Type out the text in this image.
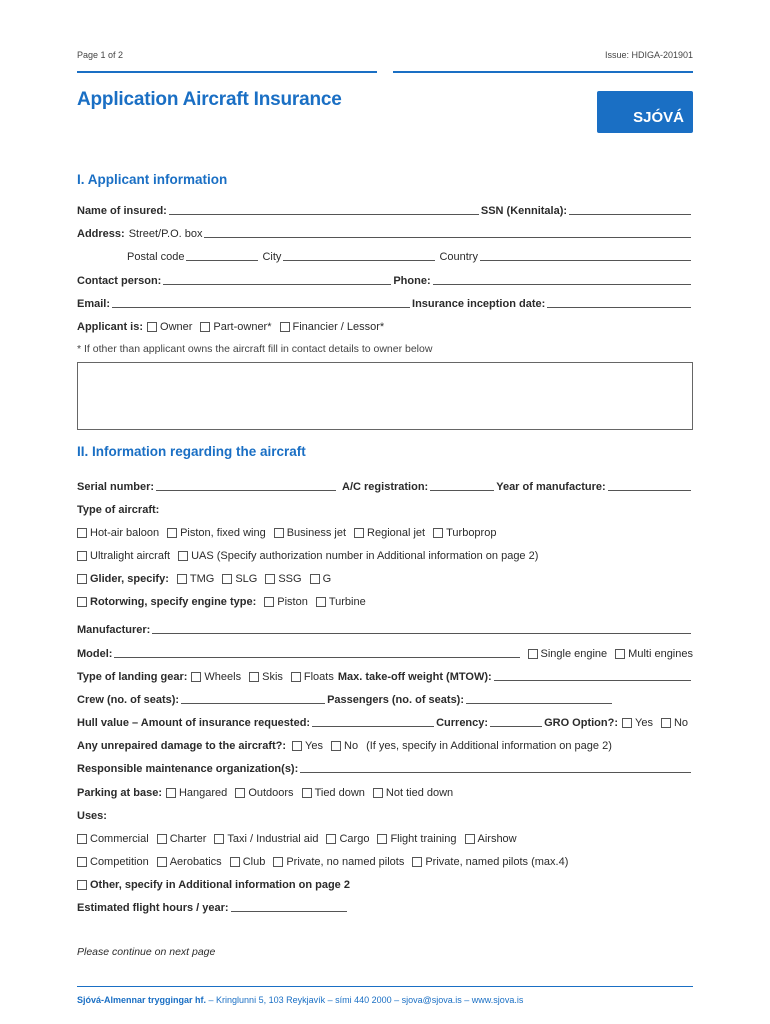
Page 1 of 2	Issue: HDIGA-201901
Application Aircraft Insurance
SJÓVÁ
I. Applicant information
Name of insured:	SSN (Kennitala):
Address: Street/P.O. box
Postal code	City	Country
Contact person:	Phone:
Email:	Insurance inception date:
Applicant is: Owner Part-owner* Financier / Lessor*
* If other than applicant owns the aircraft fill in contact details to owner below
II. Information regarding the aircraft
Serial number:	A/C registration:	Year of manufacture:
Type of aircraft:
Hot-air baloon Piston, fixed wing Business jet Regional jet Turboprop
Ultralight aircraft UAS (Specify authorization number in Additional information on page 2)
Glider, specify: TMG SLG SSG G
Rotorwing, specify engine type: Piston Turbine
Manufacturer:
Model:	Single engine Multi engines
Type of landing gear: Wheels Skis Floats Max. take-off weight (MTOW):
Crew (no. of seats):	Passengers (no. of seats):
Hull value – Amount of insurance requested:	Currency:	GRO Option?: Yes No
Any unrepaired damage to the aircraft?: Yes No (If yes, specify in Additional information on page 2)
Responsible maintenance organization(s):
Parking at base: Hangared Outdoors Tied down Not tied down
Uses:
Commercial Charter Taxi / Industrial aid Cargo Flight training Airshow
Competition Aerobatics Club Private, no named pilots Private, named pilots (max.4)
Other, specify in Additional information on page 2
Estimated flight hours / year:
Please continue on next page
Sjóvá-Almennar tryggingar hf. – Kringlunni 5, 103 Reykjavík – sími 440 2000 – sjova@sjova.is – www.sjova.is
